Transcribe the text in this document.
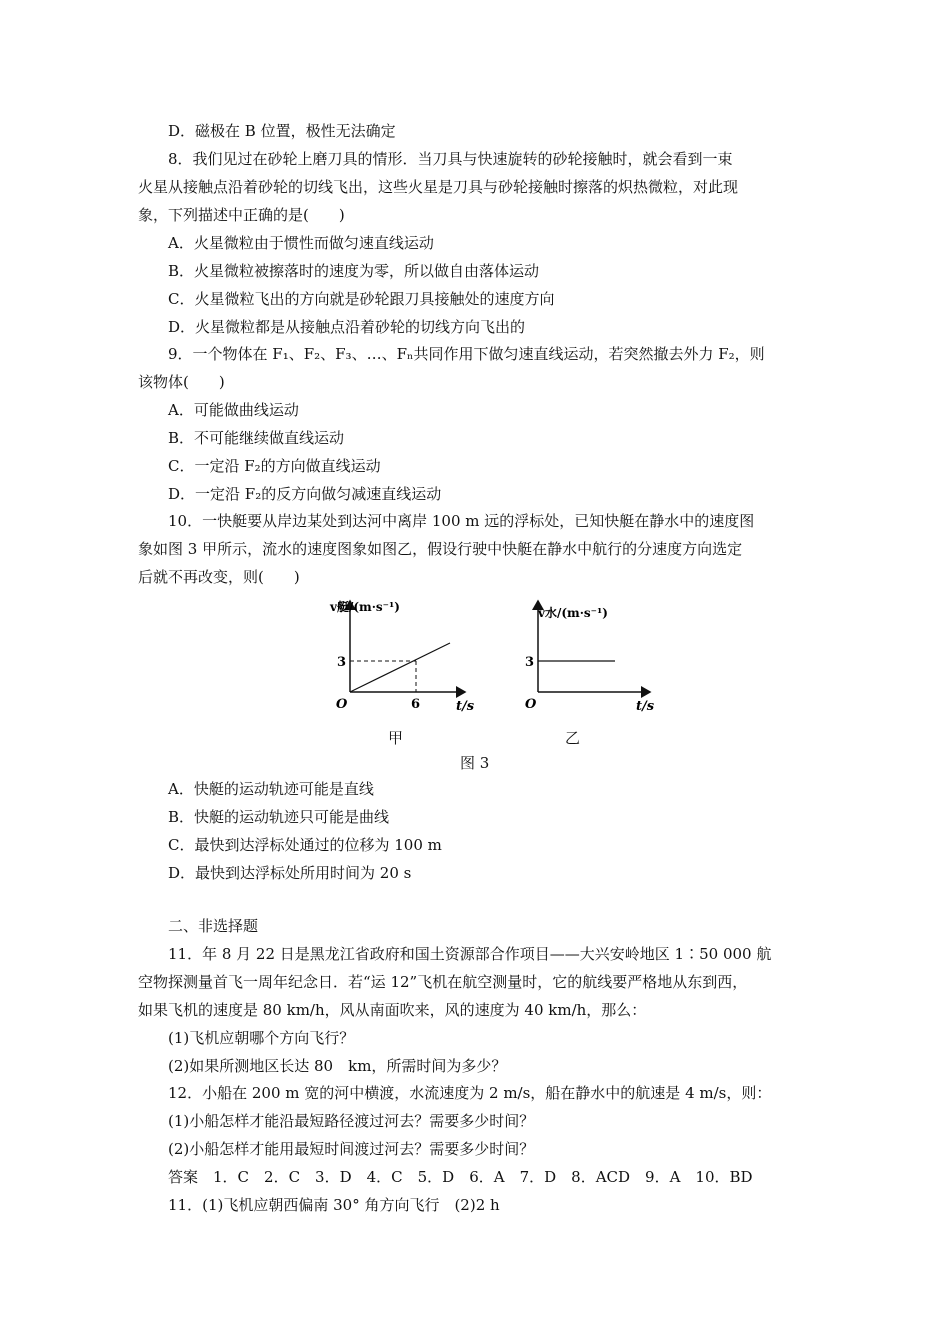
D．磁极在 B 位置，极性无法确定
8．我们见过在砂轮上磨刀具的情形．当刀具与快速旋转的砂轮接触时，就会看到一束
火星从接触点沿着砂轮的切线飞出，这些火星是刀具与砂轮接触时擦落的炽热微粒，对此现
象，下列描述中正确的是(　　)
A．火星微粒由于惯性而做匀速直线运动
B．火星微粒被擦落时的速度为零，所以做自由落体运动
C．火星微粒飞出的方向就是砂轮跟刀具接触处的速度方向
D．火星微粒都是从接触点沿着砂轮的切线方向飞出的
9．一个物体在 F₁、F₂、F₃、…、Fₙ共同作用下做匀速直线运动，若突然撤去外力 F₂，则
该物体(　　)
A．可能做曲线运动
B．不可能继续做直线运动
C．一定沿 F₂的方向做直线运动
D．一定沿 F₂的反方向做匀减速直线运动
10．一快艇要从岸边某处到达河中离岸 100 m 远的浮标处，已知快艇在静水中的速度图
象如图 3 甲所示，流水的速度图象如图乙，假设行驶中快艇在静水中航行的分速度方向选定
后就不再改变，则(　　)
v艇/(m·s⁻¹)
t/s
O
3
6
v水/(m·s⁻¹)
t/s
O
3
甲	乙
图 3
A．快艇的运动轨迹可能是直线
B．快艇的运动轨迹只可能是曲线
C．最快到达浮标处通过的位移为 100 m
D．最快到达浮标处所用时间为 20 s
二、非选择题
11．年 8 月 22 日是黑龙江省政府和国土资源部合作项目——大兴安岭地区 1∶50 000 航
空物探测量首飞一周年纪念日．若“运 12”飞机在航空测量时，它的航线要严格地从东到西，
如果飞机的速度是 80 km/h，风从南面吹来，风的速度为 40 km/h，那么：
(1)飞机应朝哪个方向飞行？
(2)如果所测地区长达 80　km，所需时间为多少？
12．小船在 200 m 宽的河中横渡，水流速度为 2 m/s，船在静水中的航速是 4 m/s，则：
(1)小船怎样才能沿最短路径渡过河去？需要多少时间？
(2)小船怎样才能用最短时间渡过河去？需要多少时间？
答案　1．C　2．C　3．D　4．C　5．D　6．A　7．D　8．ACD　9．A　10．BD
11．(1)飞机应朝西偏南 30° 角方向飞行　(2)2 h
